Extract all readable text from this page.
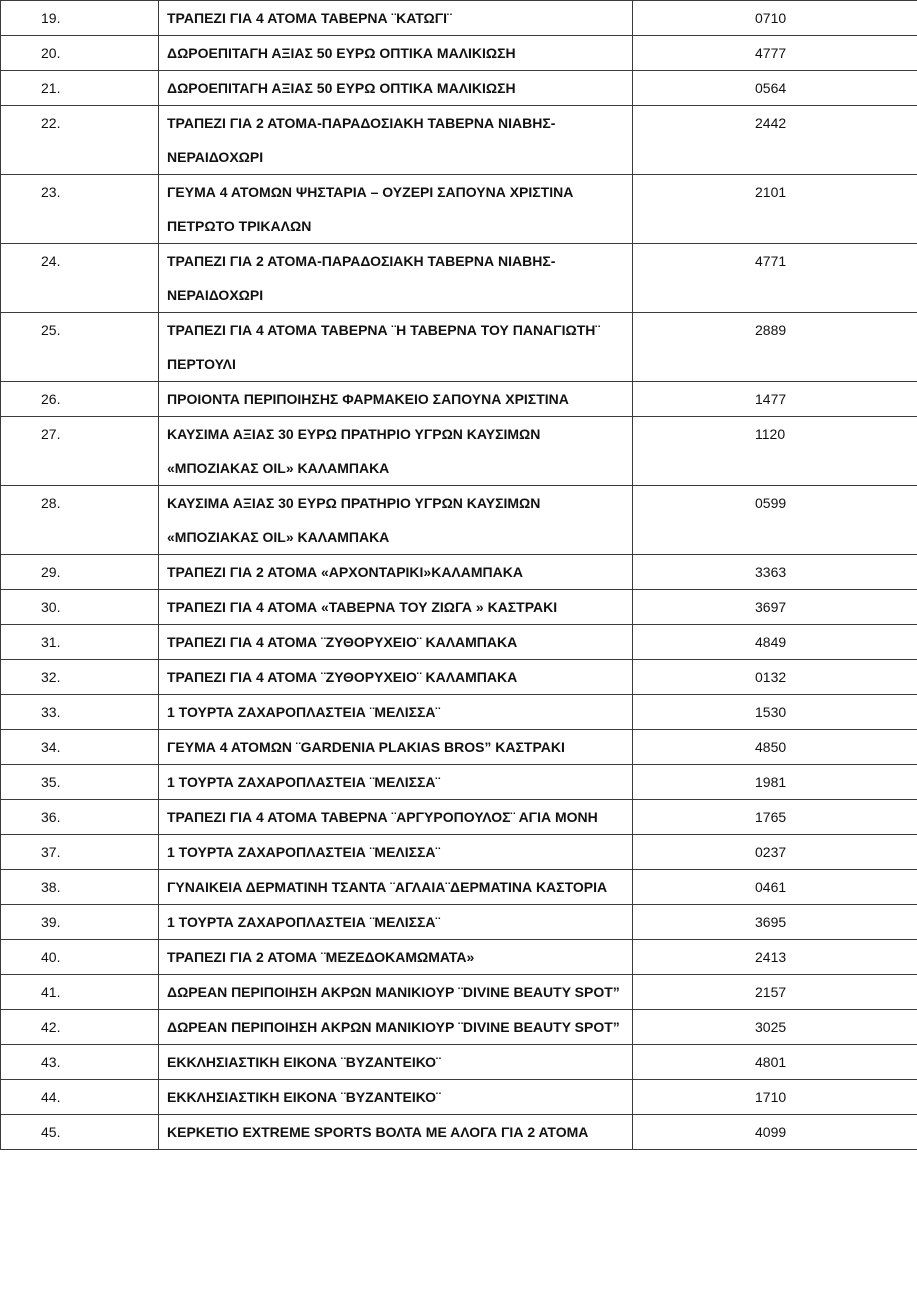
19.	ΤΡΑΠΕΖΙ ΓΙΑ 4 ΑΤΟΜΑ ΤΑΒΕΡΝΑ ¨ΚΑΤΩΓΙ¨	0710
20.	ΔΩΡΟΕΠΙΤΑΓΗ ΑΞΙΑΣ 50 ΕΥΡΩ ΟΠΤΙΚΑ ΜΑΛΙΚΙΩΣΗ	4777
21.	ΔΩΡΟΕΠΙΤΑΓΗ ΑΞΙΑΣ 50 ΕΥΡΩ ΟΠΤΙΚΑ ΜΑΛΙΚΙΩΣΗ	0564
22.	ΤΡΑΠΕΖΙ ΓΙΑ 2 ΑΤΟΜΑ-ΠΑΡΑΔΟΣΙΑΚΗ ΤΑΒΕΡΝΑ ΝΙΑΒΗΣ-ΝΕΡΑΙΔΟΧΩΡΙ	2442
23.	ΓΕΥΜΑ 4 ΑΤΟΜΩΝ ΨΗΣΤΑΡΙΑ – ΟΥΖΕΡΙ ΣΑΠΟΥΝΑ ΧΡΙΣΤΙΝΑ ΠΕΤΡΩΤΟ ΤΡΙΚΑΛΩΝ	2101
24.	ΤΡΑΠΕΖΙ ΓΙΑ 2 ΑΤΟΜΑ-ΠΑΡΑΔΟΣΙΑΚΗ ΤΑΒΕΡΝΑ ΝΙΑΒΗΣ-ΝΕΡΑΙΔΟΧΩΡΙ	4771
25.	ΤΡΑΠΕΖΙ ΓΙΑ 4 ΑΤΟΜΑ ΤΑΒΕΡΝΑ ¨Η ΤΑΒΕΡΝΑ ΤΟΥ ΠΑΝΑΓΙΩΤΗ¨ ΠΕΡΤΟΥΛΙ	2889
26.	ΠΡΟΙΟΝΤΑ ΠΕΡΙΠΟΙΗΣΗΣ ΦΑΡΜΑΚΕΙΟ ΣΑΠΟΥΝΑ ΧΡΙΣΤΙΝΑ	1477
27.	ΚΑΥΣΙΜΑ ΑΞΙΑΣ 30 ΕΥΡΩ ΠΡΑΤΗΡΙΟ ΥΓΡΩΝ ΚΑΥΣΙΜΩΝ «ΜΠΟΖΙΑΚΑΣ OIL» ΚΑΛΑΜΠΑΚΑ	1120
28.	ΚΑΥΣΙΜΑ ΑΞΙΑΣ 30 ΕΥΡΩ ΠΡΑΤΗΡΙΟ ΥΓΡΩΝ ΚΑΥΣΙΜΩΝ «ΜΠΟΖΙΑΚΑΣ OIL» ΚΑΛΑΜΠΑΚΑ	0599
29.	ΤΡΑΠΕΖΙ ΓΙΑ 2 ΑΤΟΜΑ «ΑΡΧΟΝΤΑΡΙΚΙ»ΚΑΛΑΜΠΑΚΑ	3363
30.	ΤΡΑΠΕΖΙ ΓΙΑ 4 ΑΤΟΜΑ «ΤΑΒΕΡΝΑ ΤΟΥ ΖΙΩΓΑ » ΚΑΣΤΡΑΚΙ	3697
31.	ΤΡΑΠΕΖΙ ΓΙΑ 4 ΑΤΟΜΑ ¨ΖΥΘΟΡΥΧΕΙΟ¨ ΚΑΛΑΜΠΑΚΑ	4849
32.	ΤΡΑΠΕΖΙ ΓΙΑ 4 ΑΤΟΜΑ ¨ΖΥΘΟΡΥΧΕΙΟ¨ ΚΑΛΑΜΠΑΚΑ	0132
33.	1 ΤΟΥΡΤΑ ΖΑΧΑΡΟΠΛΑΣΤΕΙΑ ¨ΜΕΛΙΣΣΑ¨	1530
34.	ΓΕΥΜΑ 4 ΑΤΟΜΩΝ ¨GARDENIA PLAKIAS BROS” ΚΑΣΤΡΑΚΙ	4850
35.	1 ΤΟΥΡΤΑ ΖΑΧΑΡΟΠΛΑΣΤΕΙΑ ¨ΜΕΛΙΣΣΑ¨	1981
36.	ΤΡΑΠΕΖΙ ΓΙΑ 4 ΑΤΟΜΑ ΤΑΒΕΡΝΑ ¨ΑΡΓΥΡΟΠΟΥΛΟΣ¨ ΑΓΙΑ ΜΟΝΗ	1765
37.	1 ΤΟΥΡΤΑ ΖΑΧΑΡΟΠΛΑΣΤΕΙΑ ¨ΜΕΛΙΣΣΑ¨	0237
38.	ΓΥΝΑΙΚΕΙΑ ΔΕΡΜΑΤΙΝΗ ΤΣΑΝΤΑ ¨ΑΓΛΑΙΑ¨ΔΕΡΜΑΤΙΝΑ ΚΑΣΤΟΡΙΑ	0461
39.	1 ΤΟΥΡΤΑ ΖΑΧΑΡΟΠΛΑΣΤΕΙΑ ¨ΜΕΛΙΣΣΑ¨	3695
40.	ΤΡΑΠΕΖΙ ΓΙΑ 2 ΑΤΟΜΑ ¨ΜΕΖΕΔΟΚΑΜΩΜΑΤΑ»	2413
41.	ΔΩΡΕΑΝ ΠΕΡΙΠΟΙΗΣΗ ΑΚΡΩΝ ΜΑΝΙΚΙΟΥΡ ¨DIVINE BEAUTY SPOT”	2157
42.	ΔΩΡΕΑΝ ΠΕΡΙΠΟΙΗΣΗ ΑΚΡΩΝ ΜΑΝΙΚΙΟΥΡ ¨DIVINE BEAUTY SPOT”	3025
43.	ΕΚΚΛΗΣΙΑΣΤΙΚΗ ΕΙΚΟΝΑ ¨ΒΥΖΑΝΤΕΙΚΟ¨	4801
44.	ΕΚΚΛΗΣΙΑΣΤΙΚΗ ΕΙΚΟΝΑ ¨ΒΥΖΑΝΤΕΙΚΟ¨	1710
45.	ΚΕΡΚΕΤΙΟ EXTREME SPORTS ΒΟΛΤΑ ΜΕ ΑΛΟΓΑ ΓΙΑ 2 ΑΤΟΜΑ	4099
